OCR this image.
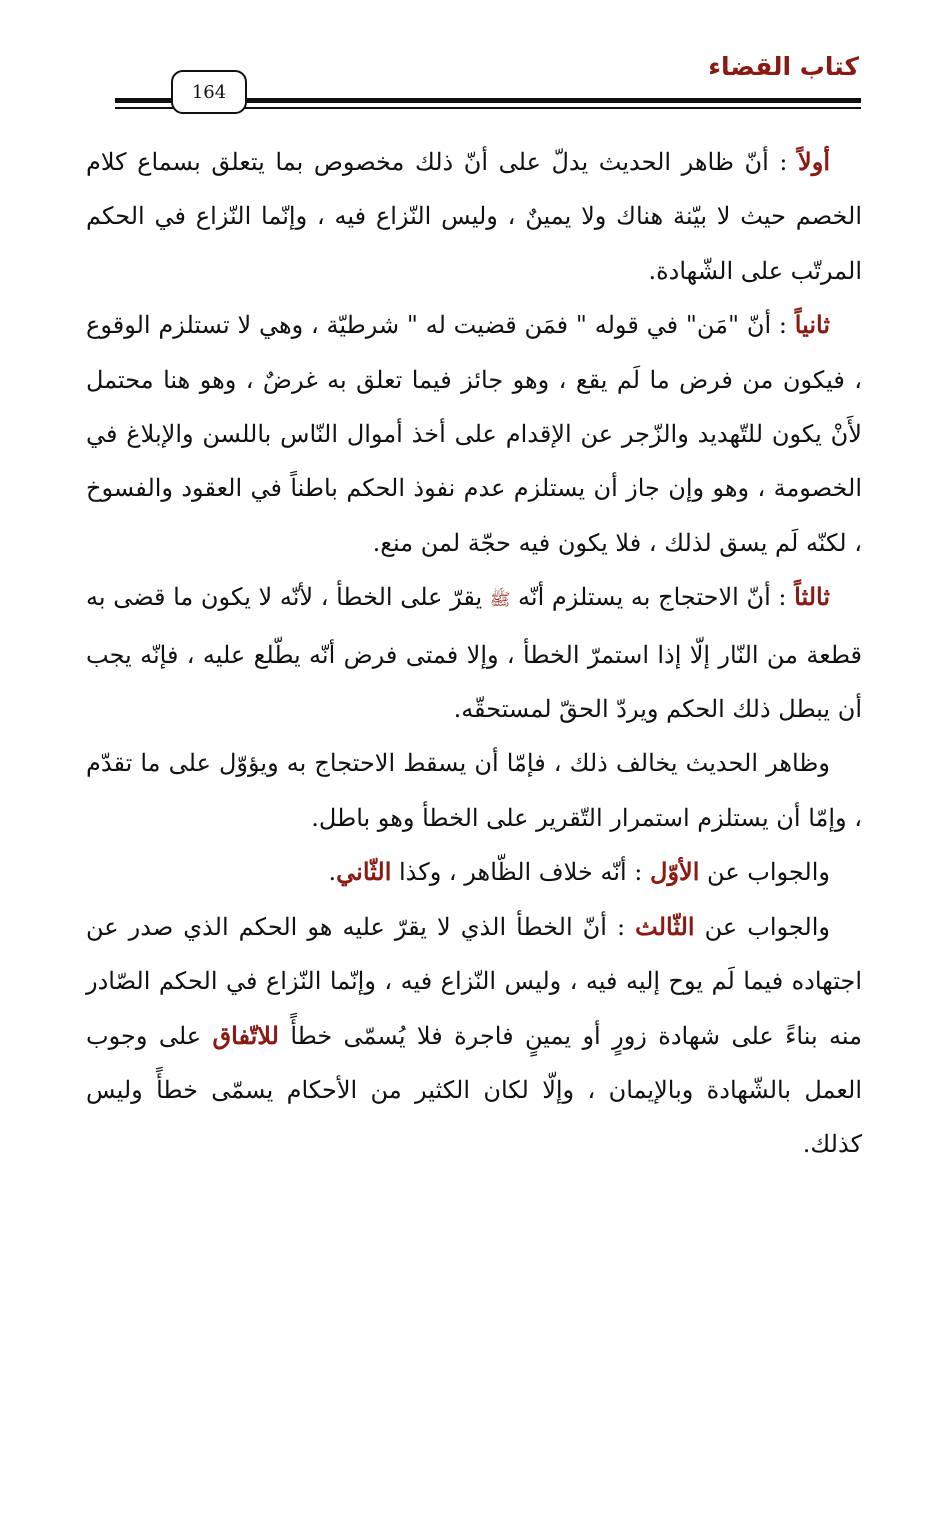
كتاب القضاء
164

أولاً : أنّ ظاهر الحديث يدلّ على أنّ ذلك مخصوص بما يتعلق بسماع كلام الخصم حيث لا بيّنة هناك ولا يمينٌ ، وليس النّزاع فيه ، وإنّما النّزاع في الحكم المرتّب على الشّهادة.

ثانياً : أنّ "مَن" في قوله " فمَن قضيت له " شرطيّة ، وهي لا تستلزم الوقوع ، فيكون من فرض ما لَم يقع ، وهو جائز فيما تعلق به غرضٌ ، وهو هنا محتمل لأَنْ يكون للتّهديد والزّجر عن الإقدام على أخذ أموال النّاس باللسن والإبلاغ في الخصومة ، وهو وإن جاز أن يستلزم عدم نفوذ الحكم باطناً في العقود والفسوخ ، لكنّه لَم يسق لذلك ، فلا يكون فيه حجّة لمن منع.

ثالثاً : أنّ الاحتجاج به يستلزم أنّه ﷺ يقرّ على الخطأ ، لأنّه لا يكون ما قضى به قطعة من النّار إلّا إذا استمرّ الخطأ ، وإلا فمتى فرض أنّه يطّلع عليه ، فإنّه يجب أن يبطل ذلك الحكم ويردّ الحقّ لمستحقّه.

وظاهر الحديث يخالف ذلك ، فإمّا أن يسقط الاحتجاج به ويؤوّل على ما تقدّم ، وإمّا أن يستلزم استمرار التّقرير على الخطأ وهو باطل.

والجواب عن الأوّل : أنّه خلاف الظّاهر ، وكذا الثّاني.

والجواب عن الثّالث : أنّ الخطأ الذي لا يقرّ عليه هو الحكم الذي صدر عن اجتهاده فيما لَم يوح إليه فيه ، وليس النّزاع فيه ، وإنّما النّزاع في الحكم الصّادر منه بناءً على شهادة زورٍ أو يمينٍ فاجرة فلا يُسمّى خطأً للاتّفاق على وجوب العمل بالشّهادة وبالإيمان ، وإلّا لكان الكثير من الأحكام يسمّى خطأً وليس كذلك.
